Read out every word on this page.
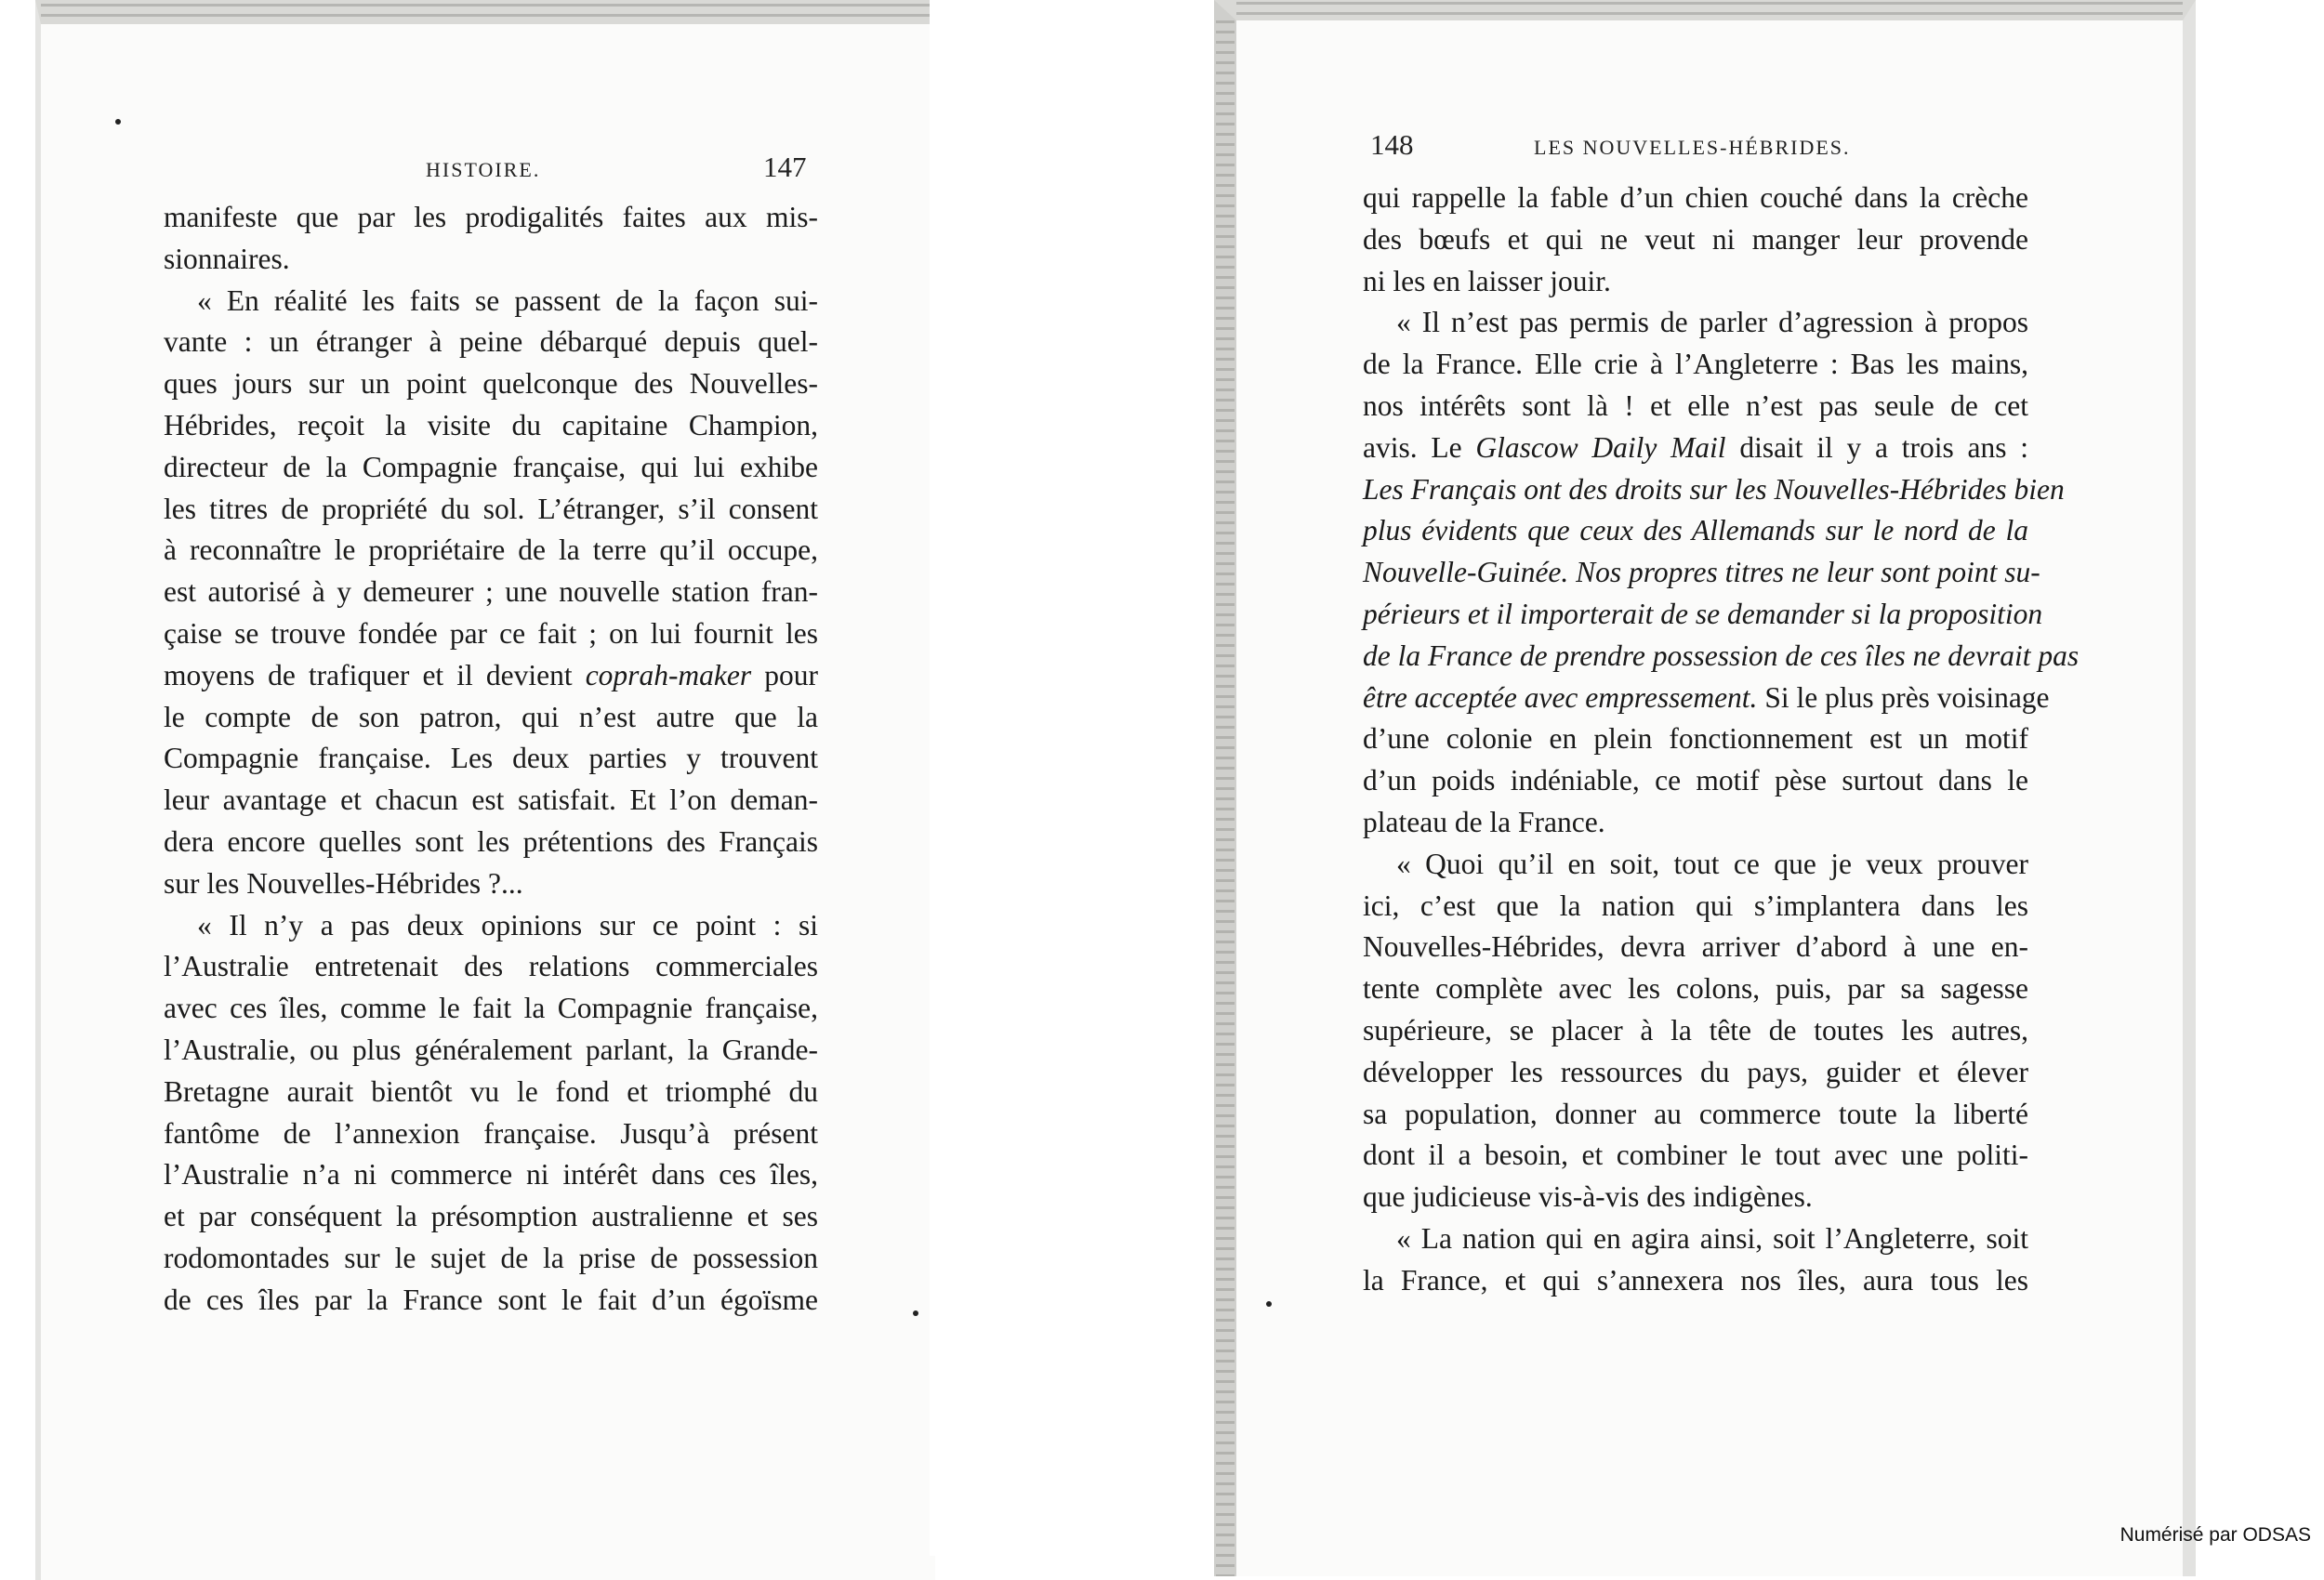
HISTOIRE.	147
148	LES NOUVELLES-HÉBRIDES.
manifeste que par les prodigalités faites aux mis-
sionnaires.
« En réalité les faits se passent de la façon sui-
vante : un étranger à peine débarqué depuis quel-
ques jours sur un point quelconque des Nouvelles-
Hébrides, reçoit la visite du capitaine Champion,
directeur de la Compagnie française, qui lui exhibe
les titres de propriété du sol. L’étranger, s’il consent
à reconnaître le propriétaire de la terre qu’il occupe,
est autorisé à y demeurer ; une nouvelle station fran-
çaise se trouve fondée par ce fait ; on lui fournit les
moyens de trafiquer et il devient coprah-maker pour
le compte de son patron, qui n’est autre que la
Compagnie française. Les deux parties y trouvent
leur avantage et chacun est satisfait. Et l’on deman-
dera encore quelles sont les prétentions des Français
sur les Nouvelles-Hébrides ?...
« Il n’y a pas deux opinions sur ce point : si
l’Australie entretenait des relations commerciales
avec ces îles, comme le fait la Compagnie française,
l’Australie, ou plus généralement parlant, la Grande-
Bretagne aurait bientôt vu le fond et triomphé du
fantôme de l’annexion française. Jusqu’à présent
l’Australie n’a ni commerce ni intérêt dans ces îles,
et par conséquent la présomption australienne et ses
rodomontades sur le sujet de la prise de possession
de ces îles par la France sont le fait d’un égoïsme
qui rappelle la fable d’un chien couché dans la crèche
des bœufs et qui ne veut ni manger leur provende
ni les en laisser jouir.
« Il n’est pas permis de parler d’agression à propos
de la France. Elle crie à l’Angleterre : Bas les mains,
nos intérêts sont là ! et elle n’est pas seule de cet
avis. Le Glascow Daily Mail disait il y a trois ans :
Les Français ont des droits sur les Nouvelles-Hébrides bien
plus évidents que ceux des Allemands sur le nord de la
Nouvelle-Guinée. Nos propres titres ne leur sont point su-
périeurs et il importerait de se demander si la proposition
de la France de prendre possession de ces îles ne devrait pas
être acceptée avec empressement. Si le plus près voisinage
d’une colonie en plein fonctionnement est un motif
d’un poids indéniable, ce motif pèse surtout dans le
plateau de la France.
« Quoi qu’il en soit, tout ce que je veux prouver
ici, c’est que la nation qui s’implantera dans les
Nouvelles-Hébrides, devra arriver d’abord à une en-
tente complète avec les colons, puis, par sa sagesse
supérieure, se placer à la tête de toutes les autres,
développer les ressources du pays, guider et élever
sa population, donner au commerce toute la liberté
dont il a besoin, et combiner le tout avec une politi-
que judicieuse vis-à-vis des indigènes.
« La nation qui en agira ainsi, soit l’Angleterre, soit
la France, et qui s’annexera nos îles, aura tous les
Numérisé par ODSAS
